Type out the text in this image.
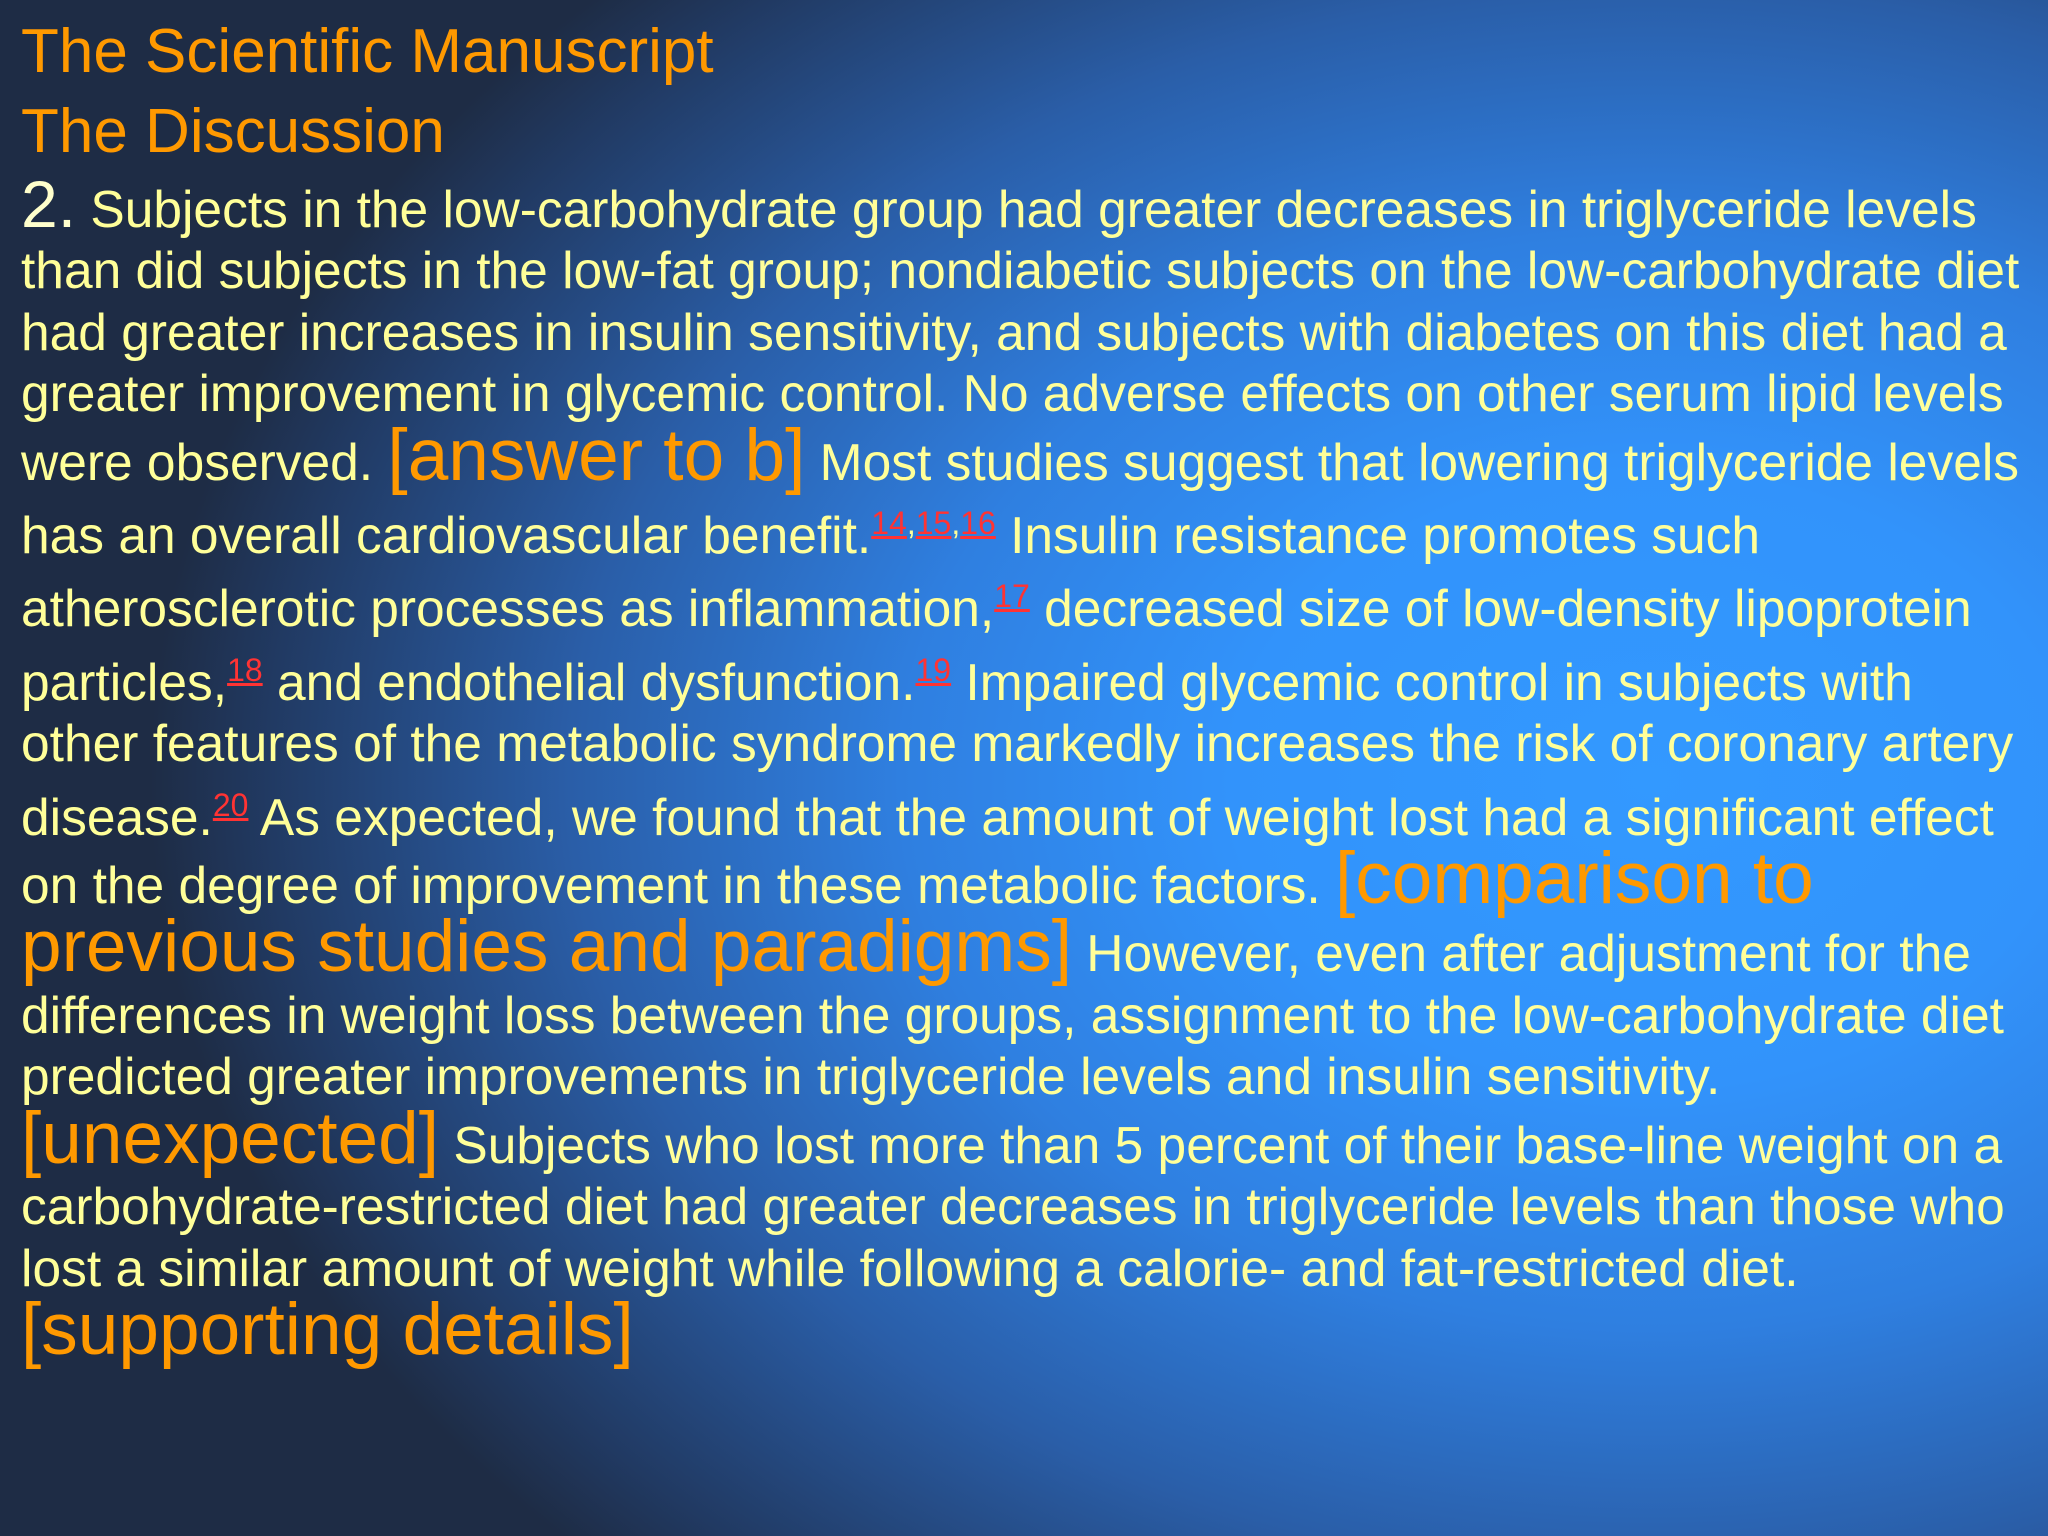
The Scientific Manuscript
The Discussion

2. Subjects in the low-carbohydrate group had greater decreases in triglyceride levels than did subjects in the low-fat group; nondiabetic subjects on the low-carbohydrate diet had greater increases in insulin sensitivity, and subjects with diabetes on this diet had a greater improvement in glycemic control. No adverse effects on other serum lipid levels were observed. [answer to b] Most studies suggest that lowering triglyceride levels has an overall cardiovascular benefit.$^{14,15,16}$ Insulin resistance promotes such atherosclerotic processes as inflammation,$^{17}$ decreased size of low-density lipoprotein particles,$^{18}$ and endothelial dysfunction.$^{19}$ Impaired glycemic control in subjects with other features of the metabolic syndrome markedly increases the risk of coronary artery disease.$^{20}$ As expected, we found that the amount of weight lost had a significant effect on the degree of improvement in these metabolic factors. [comparison to previous studies and paradigms] However, even after adjustment for the differences in weight loss between the groups, assignment to the low-carbohydrate diet predicted greater improvements in triglyceride levels and insulin sensitivity. [unexpected] Subjects who lost more than 5 percent of their base-line weight on a carbohydrate-restricted diet had greater decreases in triglyceride levels than those who lost a similar amount of weight while following a calorie- and fat-restricted diet. [supporting details]
